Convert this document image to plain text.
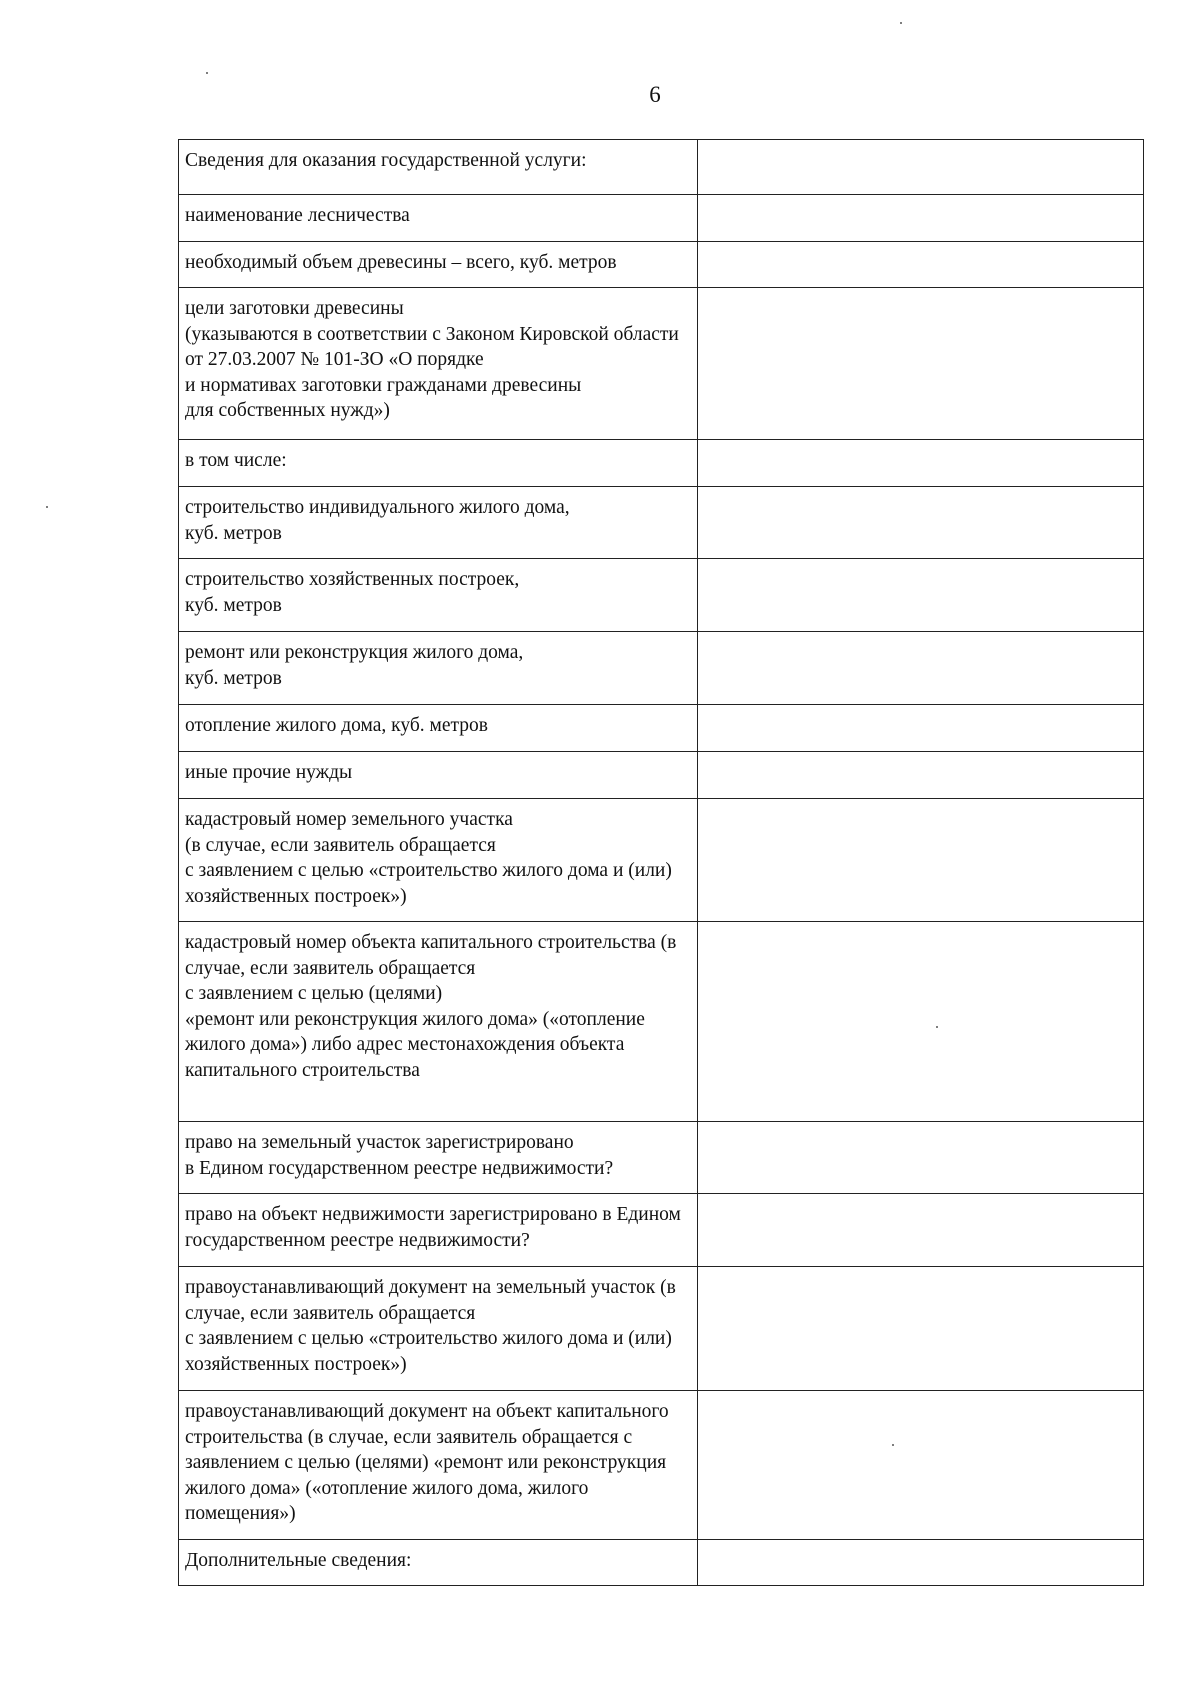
6
Сведения для оказания государственной услуги:	

наименование лесничества	

необходимый объем древесины – всего, куб. метров	

цели заготовки древесины
(указываются в соответствии с Законом Кировской области от 27.03.2007 № 101-ЗО «О порядке
и нормативах заготовки гражданами древесины
для собственных нужд»)	

в том числе:	

строительство индивидуального жилого дома,
куб. метров	

строительство хозяйственных построек,
куб. метров	

ремонт или реконструкция жилого дома,
куб. метров	

отопление жилого дома, куб. метров	

иные прочие нужды	

кадастровый номер земельного участка
(в случае, если заявитель обращается
с заявлением с целью «строительство жилого дома и (или) хозяйственных построек»)	

кадастровый номер объекта капитального строительства (в случае, если заявитель обращается
с заявлением с целью (целями)
«ремонт или реконструкция жилого дома» («отопление жилого дома») либо адрес местонахождения объекта капитального строительства	

право на земельный участок зарегистрировано
в Едином государственном реестре недвижимости?	

право на объект недвижимости зарегистрировано в Едином государственном реестре недвижимости?	

правоустанавливающий документ на земельный участок (в случае, если заявитель обращается
с заявлением с целью «строительство жилого дома и (или) хозяйственных построек»)	

правоустанавливающий документ на объект капитального строительства (в случае, если заявитель обращается с заявлением с целью (целями) «ремонт или реконструкция жилого дома» («отопление жилого дома, жилого помещения»)	

Дополнительные сведения:	
